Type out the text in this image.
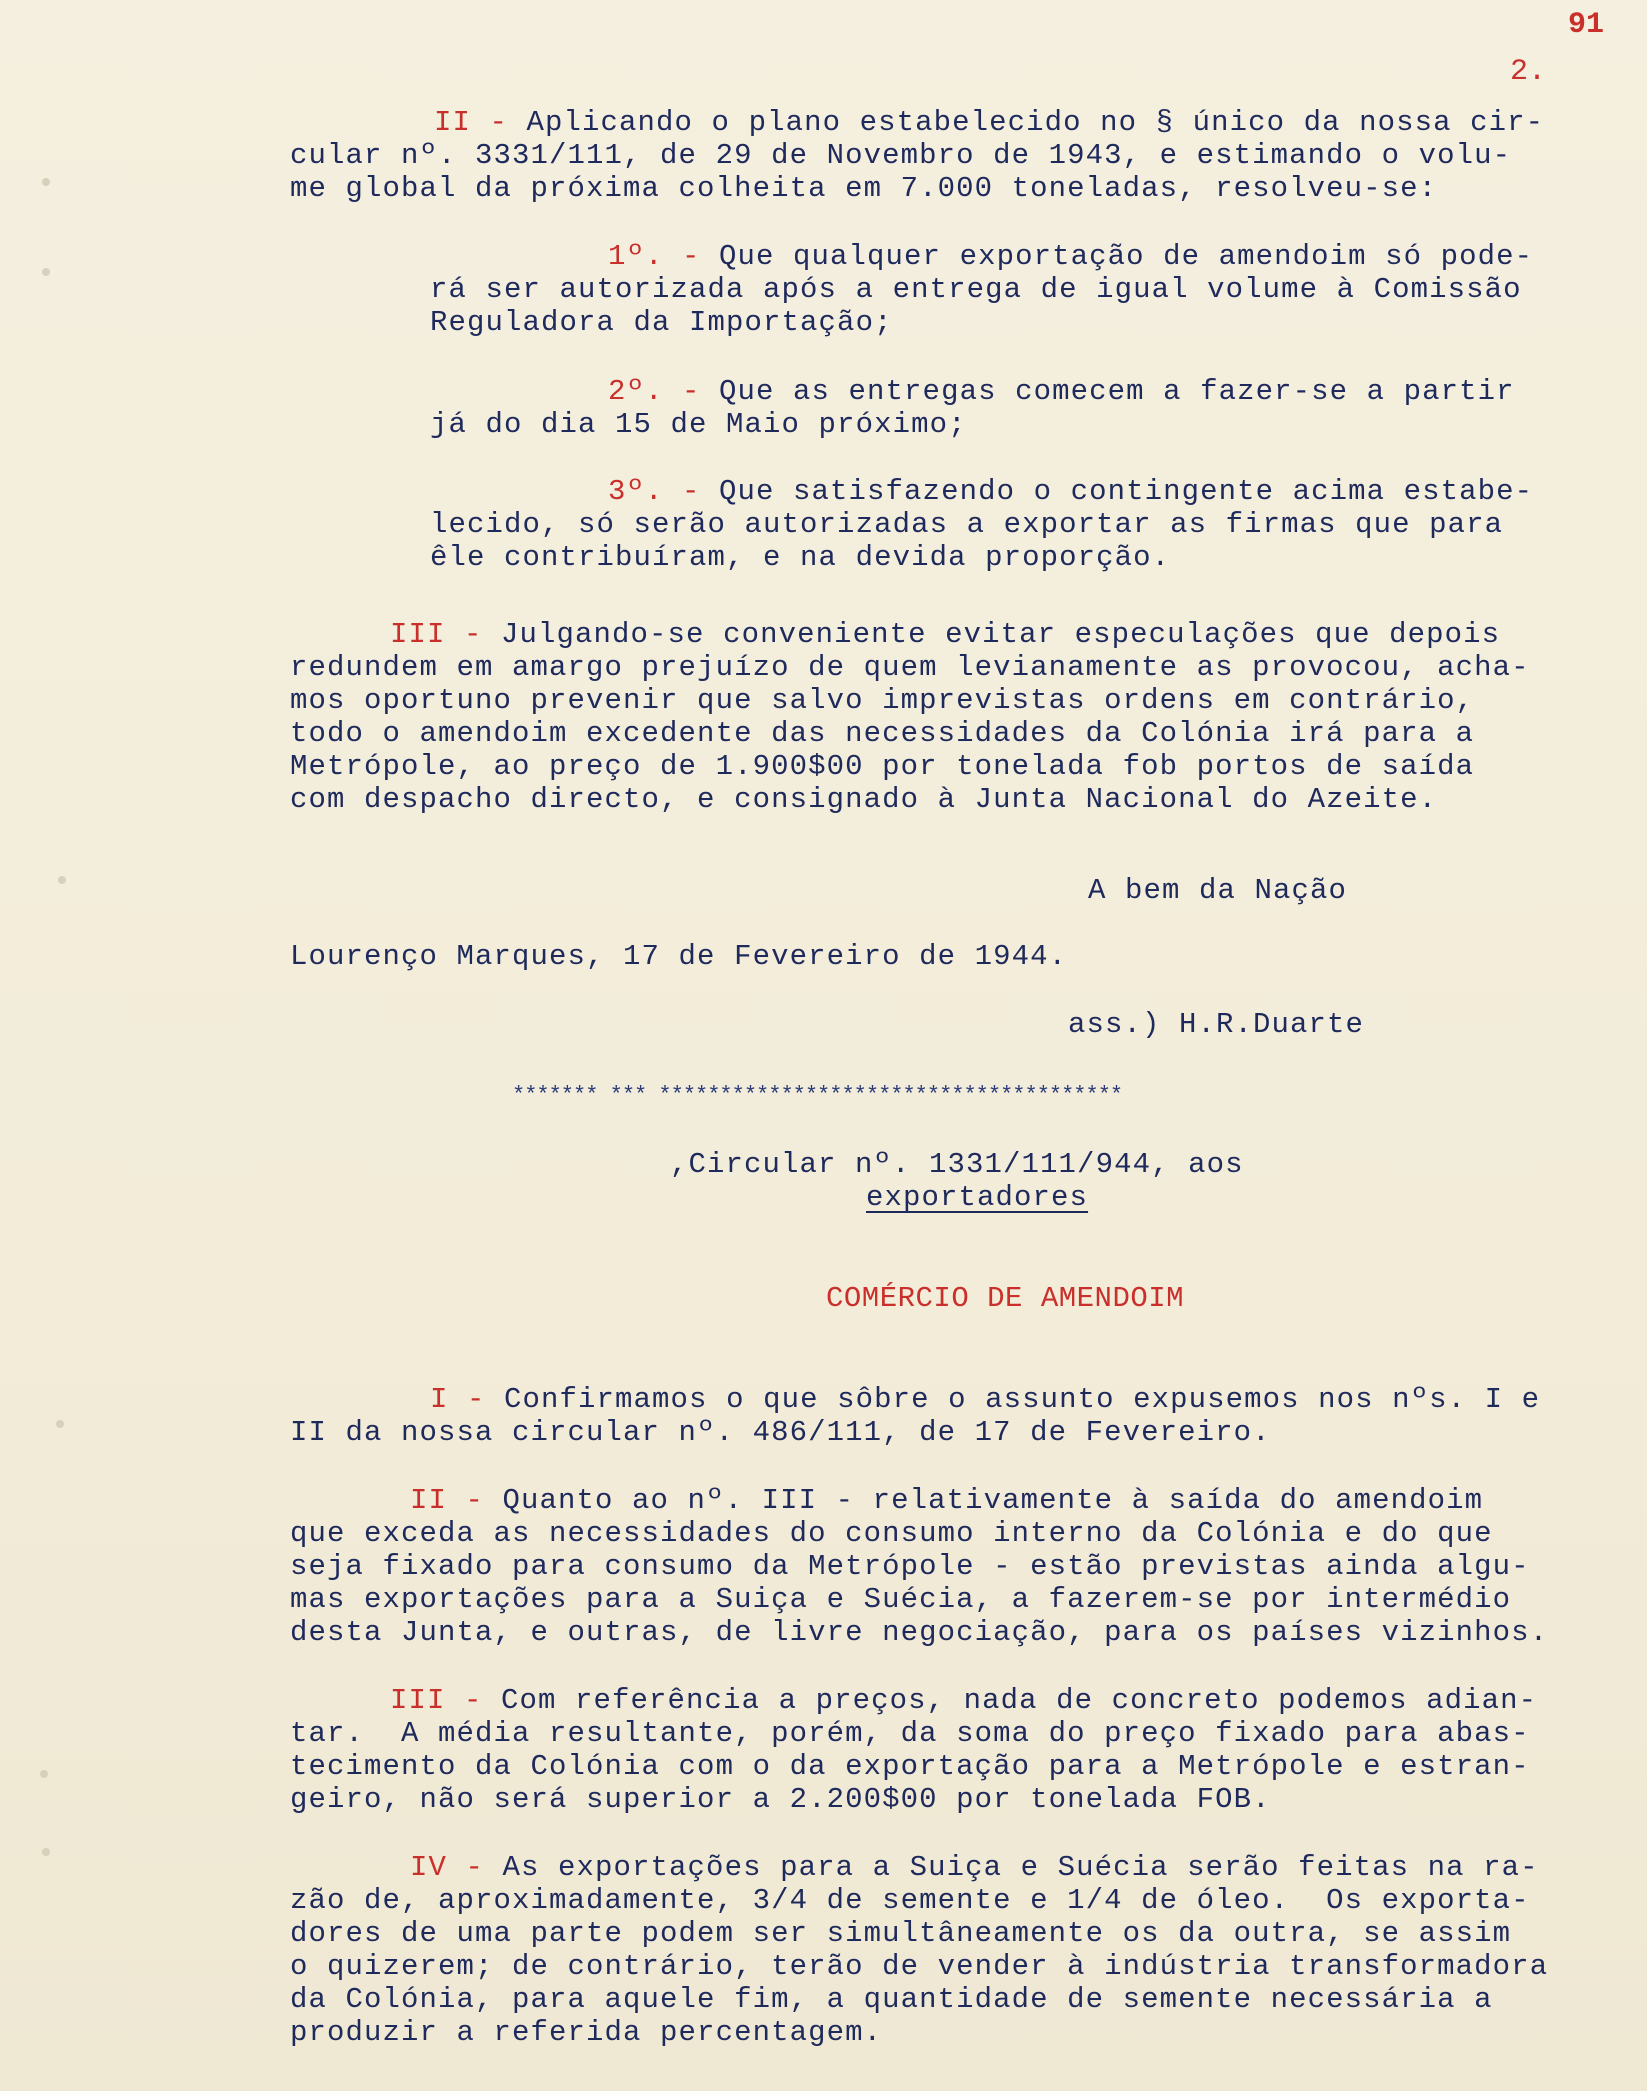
91
2.
II - Aplicando o plano estabelecido no § único da nossa cir-
cular nº. 3331/111, de 29 de Novembro de 1943, e estimando o volu-
me global da próxima colheita em 7.000 toneladas, resolveu-se:
1º. - Que qualquer exportação de amendoim só pode-
rá ser autorizada após a entrega de igual volume à Comissão
Reguladora da Importação;
2º. - Que as entregas comecem a fazer-se a partir
já do dia 15 de Maio próximo;
3º. - Que satisfazendo o contingente acima estabe-
lecido, só serão autorizadas a exportar as firmas que para
êle contribuíram, e na devida proporção.
III - Julgando-se conveniente evitar especulações que depois
redundem em amargo prejuízo de quem levianamente as provocou, acha-
mos oportuno prevenir que salvo imprevistas ordens em contrário,
todo o amendoim excedente das necessidades da Colónia irá para a
Metrópole, ao preço de 1.900$00 por tonelada fob portos de saída
com despacho directo, e consignado à Junta Nacional do Azeite.
A bem da Nação
Lourenço Marques, 17 de Fevereiro de 1944.
ass.) H.R.Duarte
******* *** **************************************
,Circular nº. 1331/111/944, aos
exportadores
COMÉRCIO DE AMENDOIM
I - Confirmamos o que sôbre o assunto expusemos nos nºs. I e
II da nossa circular nº. 486/111, de 17 de Fevereiro.
II - Quanto ao nº. III - relativamente à saída do amendoim
que exceda as necessidades do consumo interno da Colónia e do que
seja fixado para consumo da Metrópole - estão previstas ainda algu-
mas exportações para a Suiça e Suécia, a fazerem-se por intermédio
desta Junta, e outras, de livre negociação, para os países vizinhos.
III - Com referência a preços, nada de concreto podemos adian-
tar.  A média resultante, porém, da soma do preço fixado para abas-
tecimento da Colónia com o da exportação para a Metrópole e estran-
geiro, não será superior a 2.200$00 por tonelada FOB.
IV - As exportações para a Suiça e Suécia serão feitas na ra-
zão de, aproximadamente, 3/4 de semente e 1/4 de óleo.  Os exporta-
dores de uma parte podem ser simultâneamente os da outra, se assim
o quizerem; de contrário, terão de vender à indústria transformadora
da Colónia, para aquele fim, a quantidade de semente necessária a
produzir a referida percentagem.
